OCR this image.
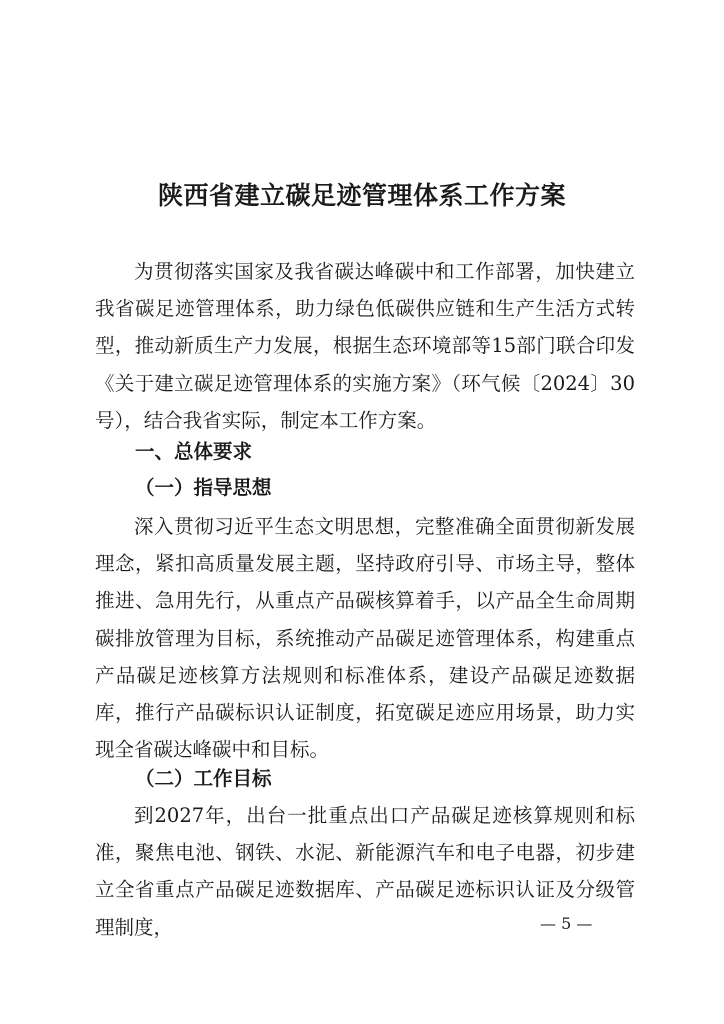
陕西省建立碳足迹管理体系工作方案

为贯彻落实国家及我省碳达峰碳中和工作部署，加快建立我省碳足迹管理体系，助力绿色低碳供应链和生产生活方式转型，推动新质生产力发展，根据生态环境部等15部门联合印发《关于建立碳足迹管理体系的实施方案》（环气候〔2024〕30号），结合我省实际，制定本工作方案。

一、总体要求
（一）指导思想

深入贯彻习近平生态文明思想，完整准确全面贯彻新发展理念，紧扣高质量发展主题，坚持政府引导、市场主导，整体推进、急用先行，从重点产品碳核算着手，以产品全生命周期碳排放管理为目标，系统推动产品碳足迹管理体系，构建重点产品碳足迹核算方法规则和标准体系，建设产品碳足迹数据库，推行产品碳标识认证制度，拓宽碳足迹应用场景，助力实现全省碳达峰碳中和目标。

（二）工作目标

到2027年，出台一批重点出口产品碳足迹核算规则和标准，聚焦电池、钢铁、水泥、新能源汽车和电子电器，初步建立全省重点产品碳足迹数据库、产品碳足迹标识认证及分级管理制度，	— 5 —
